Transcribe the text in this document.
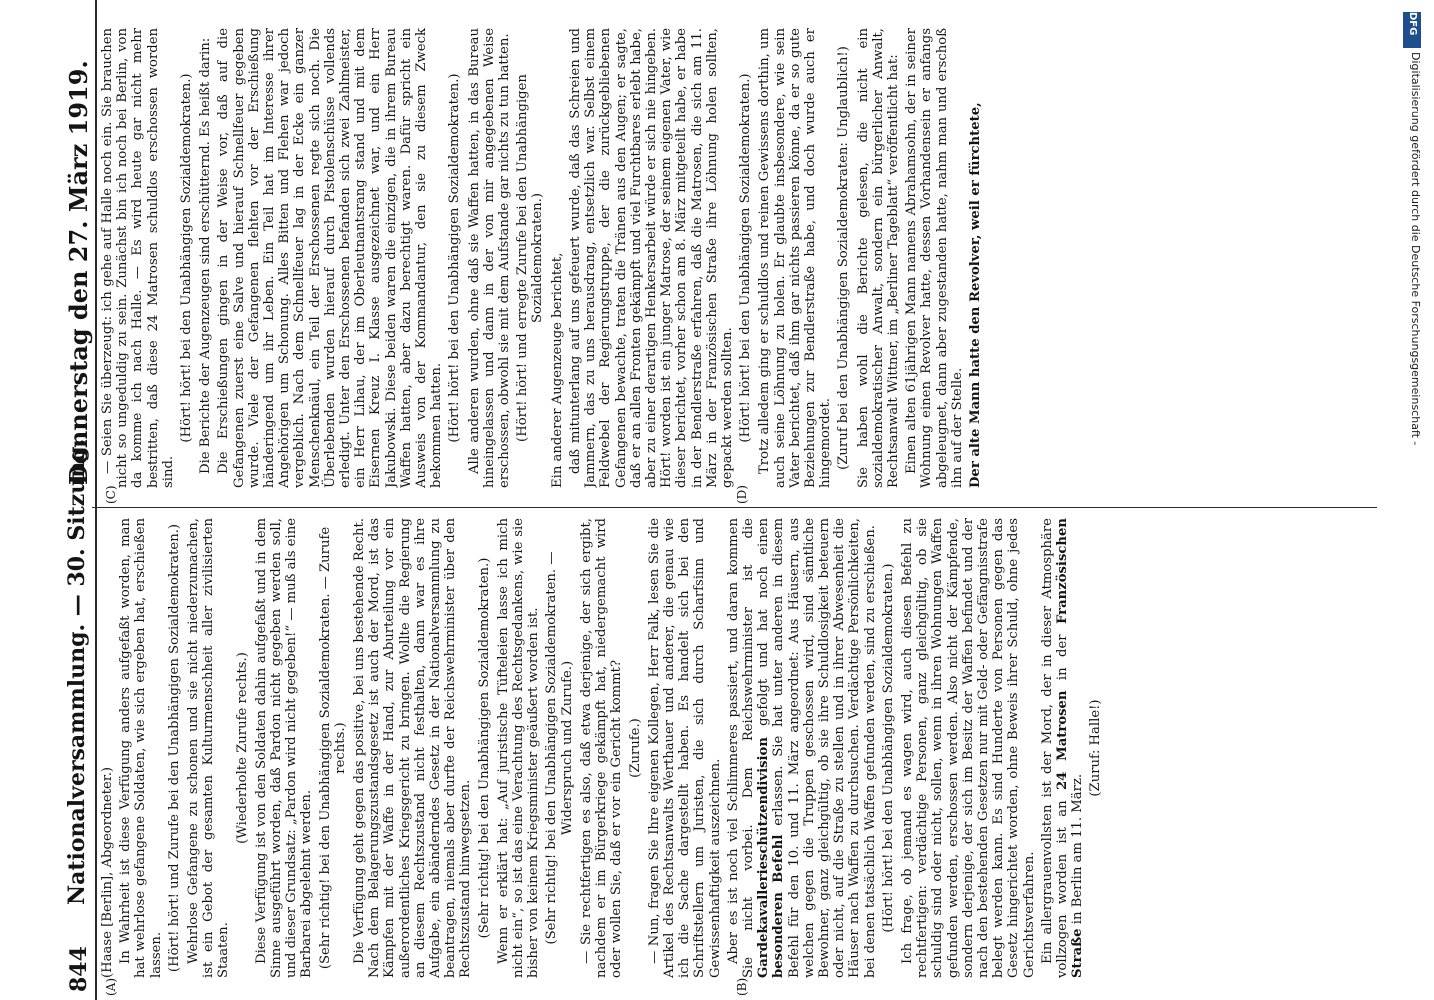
844
Nationalversammlung. — 30. Sitzung.
Donnerstag den 27. März 1919.
(A)	(B)
(C)	(D)

(Haase [Berlin], Abgeordneter.) In Wahrheit ist diese Verfügung anders aufgefaßt worden, man hat wehrlose gefangene Soldaten, wie sich ergeben hat, erschießen lassen. (Hört! hört! und Zurufe bei den Unabhängigen Sozialdemokraten.) Wehrlose Gefangene zu schonen und sie nicht niederzumachen, ist ein Gebot der gesamten Kulturmenschheit aller zivilisierten Staaten.

(Wiederholte Zurufe rechts.) Diese Verfügung ist von den Soldaten dahin aufgefaßt und in dem Sinne ausgeführt worden, daß Pardon nicht gegeben werden soll, und dieser Grundsatz: „Pardon wird nicht gegeben!“ — muß als eine Barbarei abgelehnt werden. (Sehr richtig! bei den Unabhängigen Sozialdemokraten. — Zurufe rechts.) Die Verfügung geht gegen das positive, bei uns bestehende Recht. Nach dem Belagerungszustandsgesetz ist auch der Mord, ist das Kämpfen mit der Waffe in der Hand, zur Aburteilung vor ein außerordentliches Kriegsgericht zu bringen. Wollte die Regierung an diesem Rechtszustand nicht festhalten, dann war es ihre Aufgabe, ein abänderndes Gesetz in der Nationalversammlung zu beantragen, niemals aber durfte der Reichswehrminister über den Rechtszustand hinwegsetzen. (Sehr richtig! bei den Unabhängigen Sozialdemokraten.) Wenn er erklärt hat: „Auf juristische Tüfteleien lasse ich mich nicht ein“, so ist das eine Verachtung des Rechtsgedankens, wie sie bisher von keinem Kriegsminister geäußert worden ist. (Sehr richtig! bei den Unabhängigen Sozialdemokraten. — Widerspruch und Zurufe.) — Sie rechtfertigen es also, daß etwa derjenige, der sich ergibt, nachdem er im Bürgerkriege gekämpft hat, niedergemacht wird oder wollen Sie, daß er vor ein Gericht kommt? (Zurufe.) — Nun, fragen Sie Ihre eigenen Kollegen, Herr Falk, lesen Sie die Artikel des Rechtsanwalts Werthauer und anderer, die genau wie ich die Sache dargestellt haben. Es handelt sich bei den Schriftstellern um Juristen, die sich durch Scharfsinn und Gewissenhaftigkeit auszeichnen. Aber es ist noch viel Schlimmeres passiert, und daran kommen Sie nicht vorbei. Dem Reichswehrminister ist die Gardekavallerieschützendivision gefolgt und hat noch einen besonderen Befehl erlassen. Sie hat unter anderen in diesem Befehl für den 10. und 11. März angeordnet: Aus Häusern, aus welchen gegen die Truppen geschossen wird, sind sämtliche Bewohner, ganz gleichgültig, ob sie ihre Schuldlosigkeit beteuern oder nicht, auf die Straße zu stellen und in ihrer Abwesenheit die Häuser nach Waffen zu durchsuchen. Verdächtige Persönlichkeiten, bei denen tatsächlich Waffen gefunden werden, sind zu erschießen. (Hört! hört! bei den Unabhängigen Sozialdemokraten.) Ich frage, ob jemand es wagen wird, auch diesen Befehl zu rechtfertigen: verdächtige Personen, ganz gleichgültig, ob sie schuldig sind oder nicht, sollen, wenn in ihren Wohnungen Waffen gefunden werden, erschossen werden. Also nicht der Kämpfende, sondern derjenige, der sich im Besitz der Waffen befindet und der nach den bestehenden Gesetzen nur mit Geld- oder Gefängnisstrafe belegt werden kann. Es sind Hunderte von Personen gegen das Gesetz hingerichtet worden, ohne Beweis ihrer Schuld, ohne jedes Gerichtsverfahren. Ein allergrauenvollsten ist der Mord, der in dieser Atmosphäre vollzogen worden ist an 24 Matrosen in der Französischen Straße in Berlin am 11. März.

(Zuruf: Halle!)

— Seien Sie überzeugt: ich gehe auf Halle noch ein. Sie brauchen nicht so ungeduldig zu sein. Zunächst bin ich noch bei Berlin, von da komme ich nach Halle. — Es wird heute gar nicht mehr bestritten, daß diese 24 Matrosen schuldlos erschossen worden sind.

(Hört! hört! bei den Unabhängigen Sozialdemokraten.) Die Berichte der Augenzeugen sind erschütternd. Es heißt darin: Die Erschießungen gingen in der Weise vor, daß auf die Gefangenen zuerst eine Salve und hierauf Schnellfeuer gegeben wurde. Viele der Gefangenen flehten vor der Erschießung händeringend um ihr Leben. Ein Teil hat im Interesse ihrer Angehörigen um Schonung. Alles Bitten und Flehen war jedoch vergeblich. Nach dem Schnellfeuer lag in der Ecke ein ganzer Menschenknäul, ein Teil der Erschossenen regte sich noch. Die Überlebenden wurden hierauf durch Pistolenschüsse vollends erledigt. Unter den Erschossenen befanden sich zwei Zahlmeister, ein Herr Lihau, der im Oberleutnantsrang stand und mit dem Eisernen Kreuz I. Klasse ausgezeichnet war, und ein Herr Jakubowski. Diese beiden waren die einzigen, die in ihrem Bureau Waffen hatten, aber dazu berechtigt waren. Dafür spricht ein Ausweis von der Kommandantur, den sie zu diesem Zweck bekommen hatten. (Hört! hört! bei den Unabhängigen Sozialdemokraten.) Alle anderen wurden, ohne daß sie Waffen hatten, in das Bureau hineingelassen und dann in der von mir angegebenen Weise erschossen, obwohl sie mit dem Aufstande gar nichts zu tun hatten. (Hört! hört! und erregte Zurufe bei den Unabhängigen Sozialdemokraten.) Ein anderer Augenzeuge berichtet, daß mitunterlang auf uns gefeuert wurde, daß das Schreien und Jammern, das zu uns herausdrang, entsetzlich war. Selbst einem Feldwebel der Regierungstruppe, der die zurückgebliebenen Gefangenen bewachte, traten die Tränen aus den Augen; er sagte, daß er an allen Fronten gekämpft und viel Furchtbares erlebt habe, aber zu einer derartigen Henkersarbeit würde er sich nie hingeben. Hört! worden ist ein junger Matrose, der seinem eigenen Vater, wie dieser berichtet, vorher schon am 8. März mitgeteilt habe, er habe in der Bendlerstraße erfahren, daß die Matrosen, die sich am 11. März in der Französischen Straße ihre Löhnung holen sollten, gepackt werden sollten. (Hört! hört! bei den Unabhängigen Sozialdemokraten.) Trotz alledem ging er schuldlos und reinen Gewissens dorthin, um auch seine Löhnung zu holen. Er glaubte insbesondere, wie sein Vater berichtet, daß ihm gar nichts passieren könne, da er so gute Beziehungen zur Bendlerstraße habe, und doch wurde auch er hingemordet. (Zuruf bei den Unabhängigen Sozialdemokraten: Unglaublich!) Sie haben wohl die Berichte gelesen, die nicht ein sozialdemokratischer Anwalt, sondern ein bürgerlicher Anwalt, Rechtsanwalt Wittner, im „Berliner Tageblatt“ veröffentlicht hat: Einen alten 61jährigen Mann namens Abrahamsohn, der in seiner Wohnung einen Revolver hatte, dessen Vorhandensein er anfangs abgeleugnet, dann aber zugestanden hatte, nahm man und erschoß ihn auf der Stelle. Der alte Mann hatte den Revolver, weil er fürchtete,

DFG
Digitalisierung gefördert durch die Deutsche Forschungsgemeinschaft -
